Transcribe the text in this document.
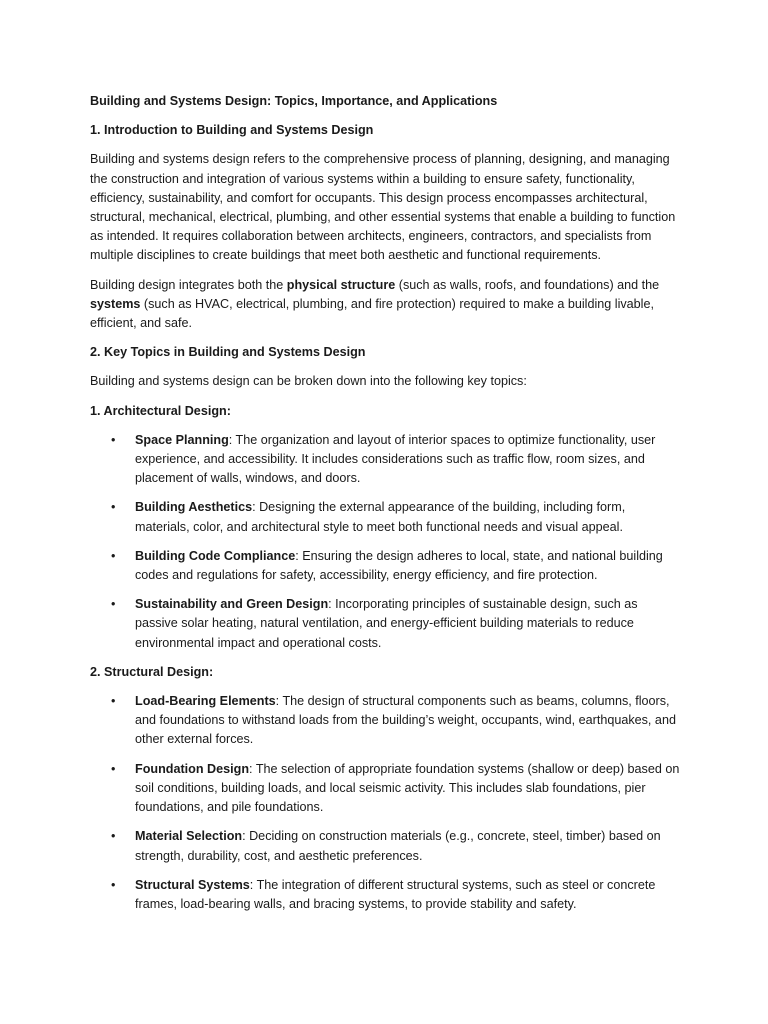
Building and Systems Design: Topics, Importance, and Applications

1. Introduction to Building and Systems Design

Building and systems design refers to the comprehensive process of planning, designing, and managing the construction and integration of various systems within a building to ensure safety, functionality, efficiency, sustainability, and comfort for occupants. This design process encompasses architectural, structural, mechanical, electrical, plumbing, and other essential systems that enable a building to function as intended. It requires collaboration between architects, engineers, contractors, and specialists from multiple disciplines to create buildings that meet both aesthetic and functional requirements.

Building design integrates both the physical structure (such as walls, roofs, and foundations) and the systems (such as HVAC, electrical, plumbing, and fire protection) required to make a building livable, efficient, and safe.

2. Key Topics in Building and Systems Design

Building and systems design can be broken down into the following key topics:

1. Architectural Design:

• Space Planning: The organization and layout of interior spaces to optimize functionality, user experience, and accessibility. It includes considerations such as traffic flow, room sizes, and placement of walls, windows, and doors.
• Building Aesthetics: Designing the external appearance of the building, including form, materials, color, and architectural style to meet both functional needs and visual appeal.
• Building Code Compliance: Ensuring the design adheres to local, state, and national building codes and regulations for safety, accessibility, energy efficiency, and fire protection.
• Sustainability and Green Design: Incorporating principles of sustainable design, such as passive solar heating, natural ventilation, and energy-efficient building materials to reduce environmental impact and operational costs.

2. Structural Design:

• Load-Bearing Elements: The design of structural components such as beams, columns, floors, and foundations to withstand loads from the building’s weight, occupants, wind, earthquakes, and other external forces.
• Foundation Design: The selection of appropriate foundation systems (shallow or deep) based on soil conditions, building loads, and local seismic activity. This includes slab foundations, pier foundations, and pile foundations.
• Material Selection: Deciding on construction materials (e.g., concrete, steel, timber) based on strength, durability, cost, and aesthetic preferences.
• Structural Systems: The integration of different structural systems, such as steel or concrete frames, load-bearing walls, and bracing systems, to provide stability and safety.
